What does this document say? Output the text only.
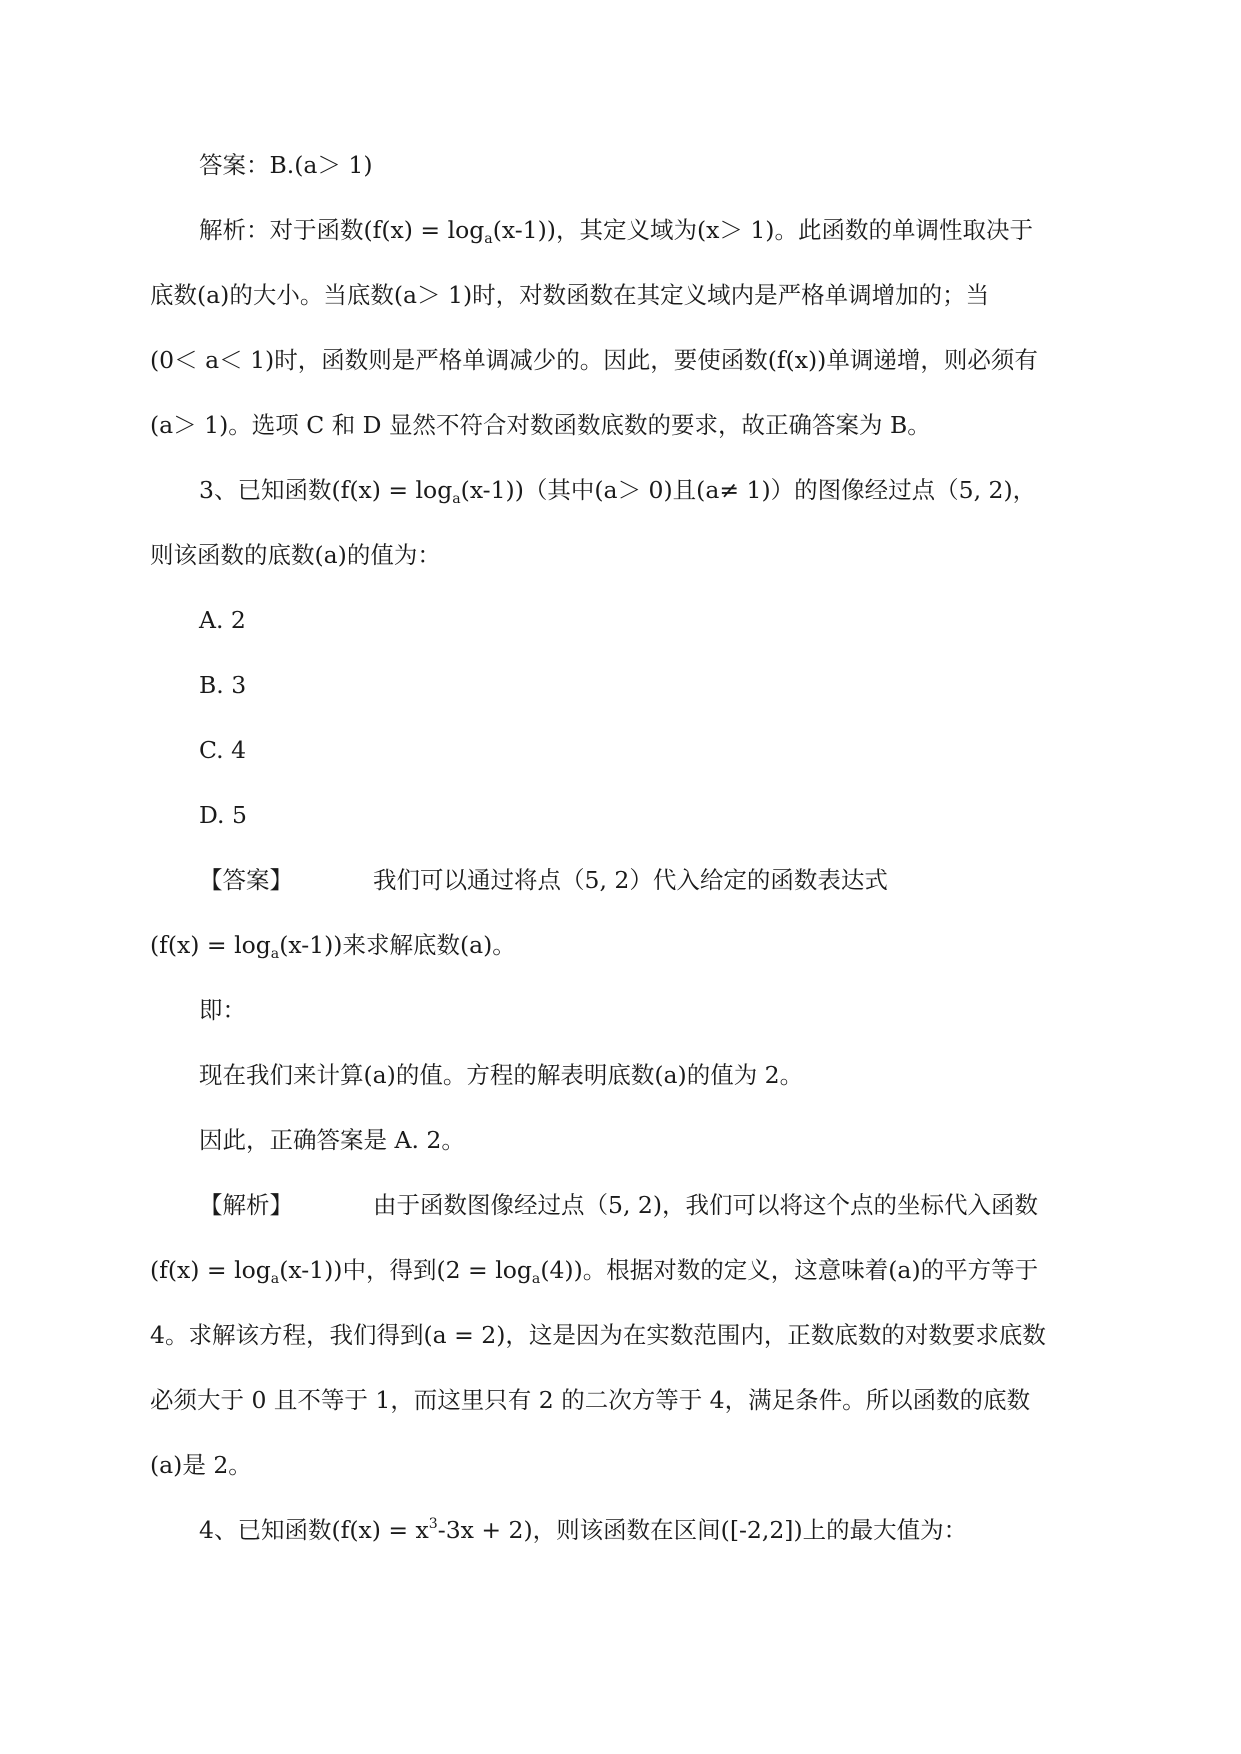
答案：B.(a＞ 1)
解析：对于函数$(f(x) = \log_a(x-1))$，其定义域为(x＞ 1)。此函数的单调性取决于
底数(a)的大小。当底数(a＞ 1)时，对数函数在其定义域内是严格单调增加的；当
(0＜ a＜ 1)时，函数则是严格单调减少的。因此，要使函数(f(x))单调递增，则必须有
(a＞ 1)。选项 C 和 D 显然不符合对数函数底数的要求，故正确答案为 B。
3、已知函数$(f(x) = \log_a(x-1))$（其中(a＞ 0)且(a≠ 1)）的图像经过点（5, 2)，
则该函数的底数(a)的值为：
A. 2
B. 3
C. 4
D. 5
【答案】	我们可以通过将点（5, 2）代入给定的函数表达式
$(f(x) = \log_a(x-1))$来求解底数(a)。
即：
现在我们来计算(a)的值。方程的解表明底数(a)的值为 2。
因此，正确答案是 A. 2。
【解析】	由于函数图像经过点（5, 2)，我们可以将这个点的坐标代入函数
$(f(x) = \log_a(x-1))$中，得到$(2 = \log_a(4))$。根据对数的定义，这意味着(a)的平方等于
4。求解该方程，我们得到(a = 2)，这是因为在实数范围内，正数底数的对数要求底数
必须大于 0 且不等于 1，而这里只有 2 的二次方等于 4，满足条件。所以函数的底数
(a)是 2。
4、已知函数$(f(x) = x^3-3x + 2)$，则该函数在区间([-2,2])上的最大值为：
